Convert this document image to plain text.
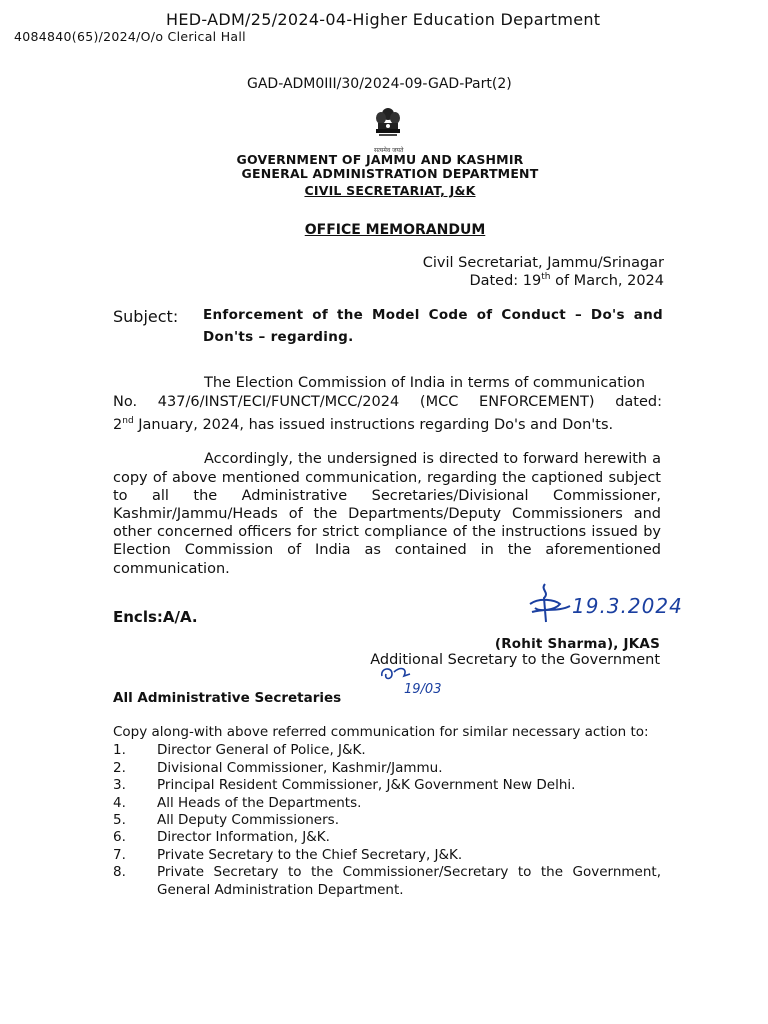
HED-ADM/25/2024-04-Higher Education Department
4084840(65)/2024/O/o Clerical Hall
GAD-ADM0III/30/2024-09-GAD-Part(2)
सत्यमेव जयते
GOVERNMENT OF JAMMU AND KASHMIR
GENERAL ADMINISTRATION DEPARTMENT
CIVIL SECRETARIAT, J&K
OFFICE MEMORANDUM
Civil Secretariat, Jammu/Srinagar
Dated: 19th of March, 2024
Subject: Enforcement of the Model Code of Conduct – Do's and
Don'ts – regarding.
The Election Commission of India in terms of communication
No. 437/6/INST/ECI/FUNCT/MCC/2024 (MCC ENFORCEMENT) dated:
2nd January, 2024, has issued instructions regarding Do's and Don'ts.
Accordingly, the undersigned is directed to forward herewith a
copy of above mentioned communication, regarding the captioned subject
to all the Administrative Secretaries/Divisional Commissioner,
Kashmir/Jammu/Heads of the Departments/Deputy Commissioners and
other concerned officers for strict compliance of the instructions issued by
Election Commission of India as contained in the aforementioned
communication.
Encls:A/A.	19.3.2024
(Rohit Sharma), JKAS
Additional Secretary to the Government
19/03
All Administrative Secretaries
Copy along-with above referred communication for similar necessary action to:
1.	Director General of Police, J&K.
2.	Divisional Commissioner, Kashmir/Jammu.
3.	Principal Resident Commissioner, J&K Government New Delhi.
4.	All Heads of the Departments.
5.	All Deputy Commissioners.
6.	Director Information, J&K.
7.	Private Secretary to the Chief Secretary, J&K.
8.	Private Secretary to the Commissioner/Secretary to the Government,
General Administration Department.
